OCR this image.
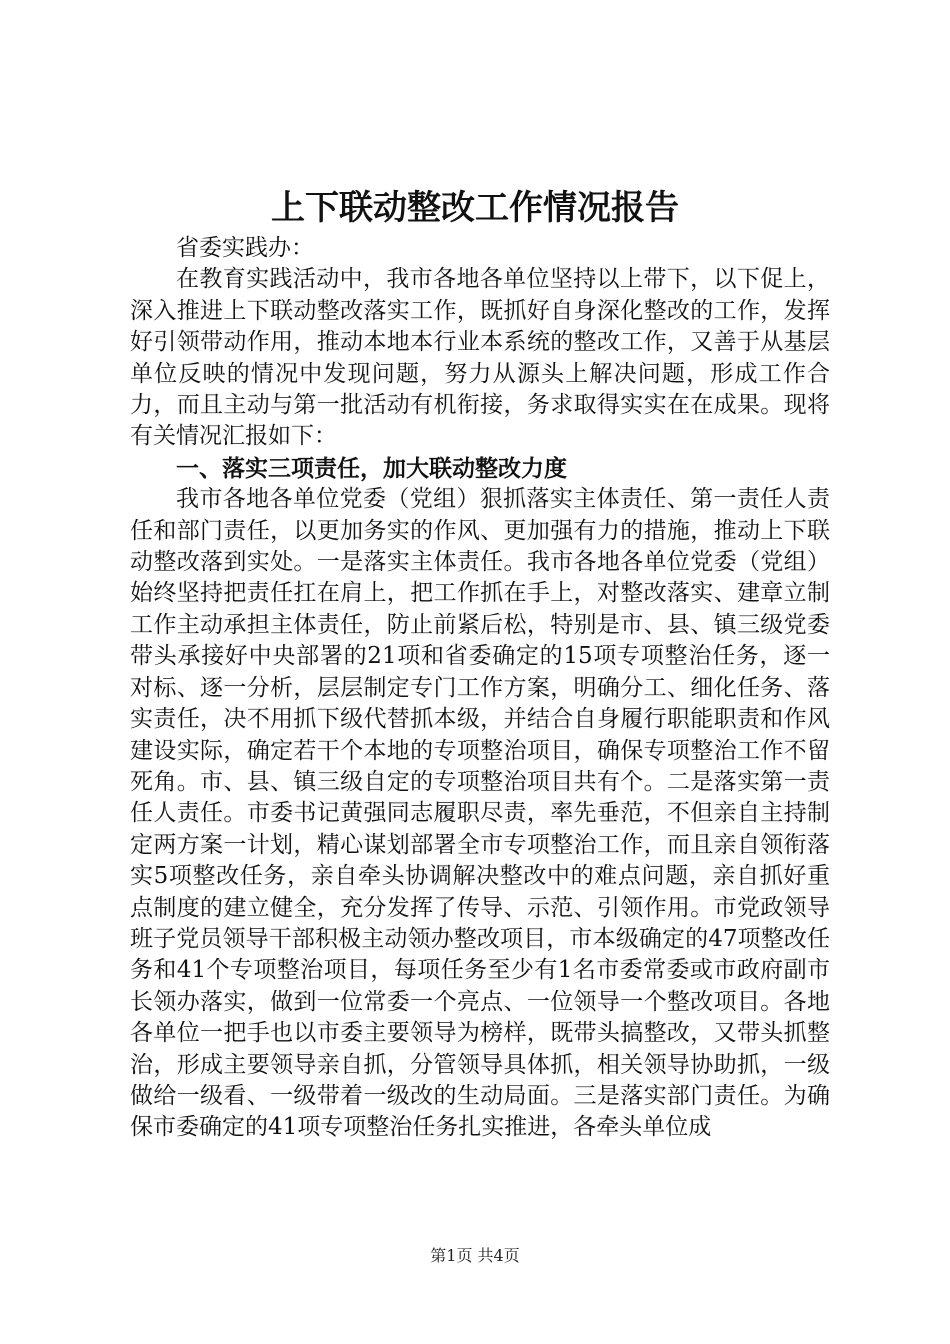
上下联动整改工作情况报告

省委实践办：

在教育实践活动中，我市各地各单位坚持以上带下，以下促上，深入推进上下联动整改落实工作，既抓好自身深化整改的工作，发挥好引领带动作用，推动本地本行业本系统的整改工作，又善于从基层单位反映的情况中发现问题，努力从源头上解决问题，形成工作合力，而且主动与第一批活动有机衔接，务求取得实实在在成果。现将有关情况汇报如下：

一、落实三项责任，加大联动整改力度

我市各地各单位党委（党组）狠抓落实主体责任、第一责任人责任和部门责任，以更加务实的作风、更加强有力的措施，推动上下联动整改落到实处。一是落实主体责任。我市各地各单位党委（党组）始终坚持把责任扛在肩上，把工作抓在手上，对整改落实、建章立制工作主动承担主体责任，防止前紧后松，特别是市、县、镇三级党委带头承接好中央部署的21项和省委确定的15项专项整治任务，逐一对标、逐一分析，层层制定专门工作方案，明确分工、细化任务、落实责任，决不用抓下级代替抓本级，并结合自身履行职能职责和作风建设实际，确定若干个本地的专项整治项目，确保专项整治工作不留死角。市、县、镇三级自定的专项整治项目共有个。二是落实第一责任人责任。市委书记黄强同志履职尽责，率先垂范，不但亲自主持制定两方案一计划，精心谋划部署全市专项整治工作，而且亲自领衔落实5项整改任务，亲自牵头协调解决整改中的难点问题，亲自抓好重点制度的建立健全，充分发挥了传导、示范、引领作用。市党政领导班子党员领导干部积极主动领办整改项目，市本级确定的47项整改任务和41个专项整治项目，每项任务至少有1名市委常委或市政府副市长领办落实，做到一位常委一个亮点、一位领导一个整改项目。各地各单位一把手也以市委主要领导为榜样，既带头搞整改，又带头抓整治，形成主要领导亲自抓，分管领导具体抓，相关领导协助抓，一级做给一级看、一级带着一级改的生动局面。三是落实部门责任。为确保市委确定的41项专项整治任务扎实推进，各牵头单位成

第1页 共4页
